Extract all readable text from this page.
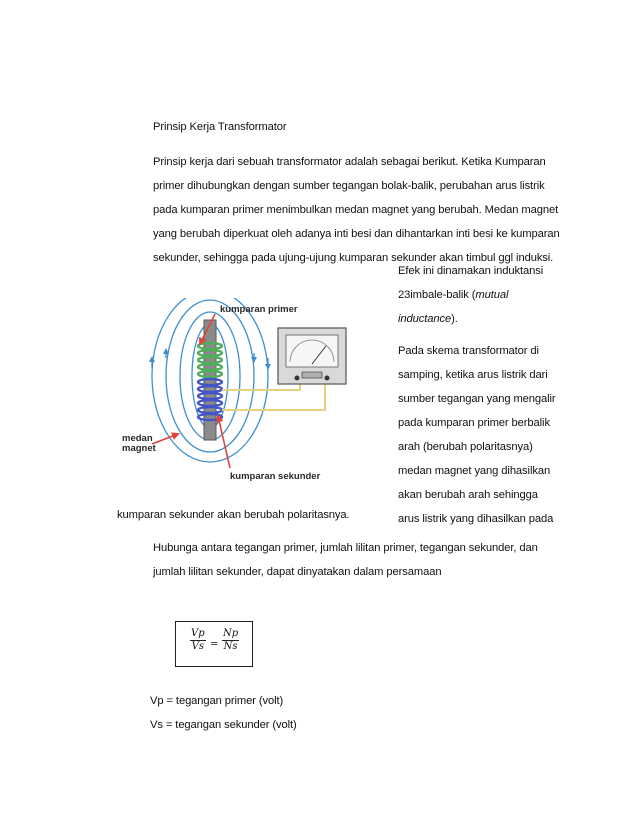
Prinsip Kerja Transformator
Prinsip kerja dari sebuah transformator adalah sebagai berikut. Ketika Kumparan
primer dihubungkan dengan sumber tegangan bolak-balik, perubahan arus listrik
pada kumparan primer menimbulkan medan magnet yang berubah. Medan magnet
yang berubah diperkuat oleh adanya inti besi dan dihantarkan inti besi ke kumparan
sekunder, sehingga pada ujung-ujung kumparan sekunder akan timbul ggl induksi.
Efek ini dinamakan induktansi
23imbale-balik (mutual
inductance).
Pada skema transformator di
samping, ketika arus listrik dari
sumber tegangan yang mengalir
pada kumparan primer berbalik
arah (berubah polaritasnya)
medan magnet yang dihasilkan
akan berubah arah sehingga
arus listrik yang dihasilkan pada
kumparan sekunder akan berubah polaritasnya.
Hubunga antara tegangan primer, jumlah lilitan primer, tegangan sekunder, dan
jumlah lilitan sekunder, dapat dinyatakan dalam persamaan
$\frac{Vp}{Vs} = \frac{Np}{Ns}$
Vp = tegangan primer (volt)
Vs = tegangan sekunder (volt)
kumparan primer
kumparan sekunder
medan
magnet
